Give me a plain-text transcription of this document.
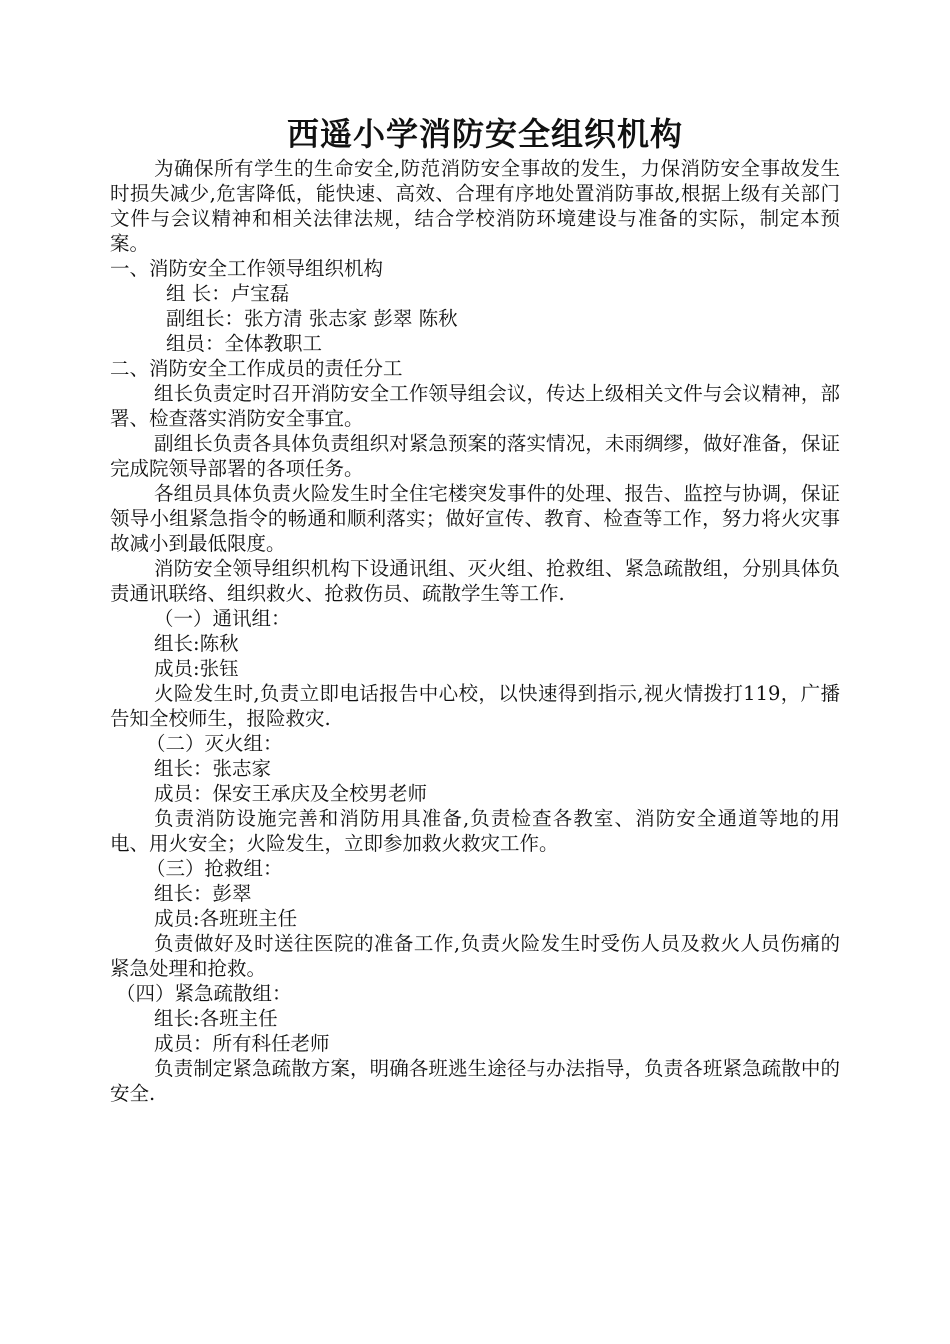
西遥小学消防安全组织机构

为确保所有学生的生命安全,防范消防安全事故的发生，力保消防安全事故发生时损失减少,危害降低，能快速、高效、合理有序地处置消防事故,根据上级有关部门文件与会议精神和相关法律法规，结合学校消防环境建设与准备的实际，制定本预案。

一、消防安全工作领导组织机构
组 长：卢宝磊
副组长：张方清 张志家 彭翠 陈秋
组员：全体教职工
二、消防安全工作成员的责任分工

组长负责定时召开消防安全工作领导组会议，传达上级相关文件与会议精神，部署、检查落实消防安全事宜。

副组长负责各具体负责组织对紧急预案的落实情况，未雨绸缪，做好准备，保证完成院领导部署的各项任务。

各组员具体负责火险发生时全住宅楼突发事件的处理、报告、监控与协调，保证领导小组紧急指令的畅通和顺利落实；做好宣传、教育、检查等工作，努力将火灾事故减小到最低限度。

消防安全领导组织机构下设通讯组、灭火组、抢救组、紧急疏散组，分别具体负责通讯联络、组织救火、抢救伤员、疏散学生等工作.

（一）通讯组：
组长:陈秋
成员:张钰

火险发生时,负责立即电话报告中心校，以快速得到指示,视火情拨打119，广播告知全校师生，报险救灾.

（二）灭火组：
组长：张志家
成员：保安王承庆及全校男老师

负责消防设施完善和消防用具准备,负责检查各教室、消防安全通道等地的用电、用火安全；火险发生，立即参加救火救灾工作。

（三）抢救组：
组长：彭翠
成员:各班班主任

负责做好及时送往医院的准备工作,负责火险发生时受伤人员及救火人员伤痛的紧急处理和抢救。

（四）紧急疏散组：
组长:各班主任
成员：所有科任老师

负责制定紧急疏散方案，明确各班逃生途径与办法指导，负责各班紧急疏散中的安全.
